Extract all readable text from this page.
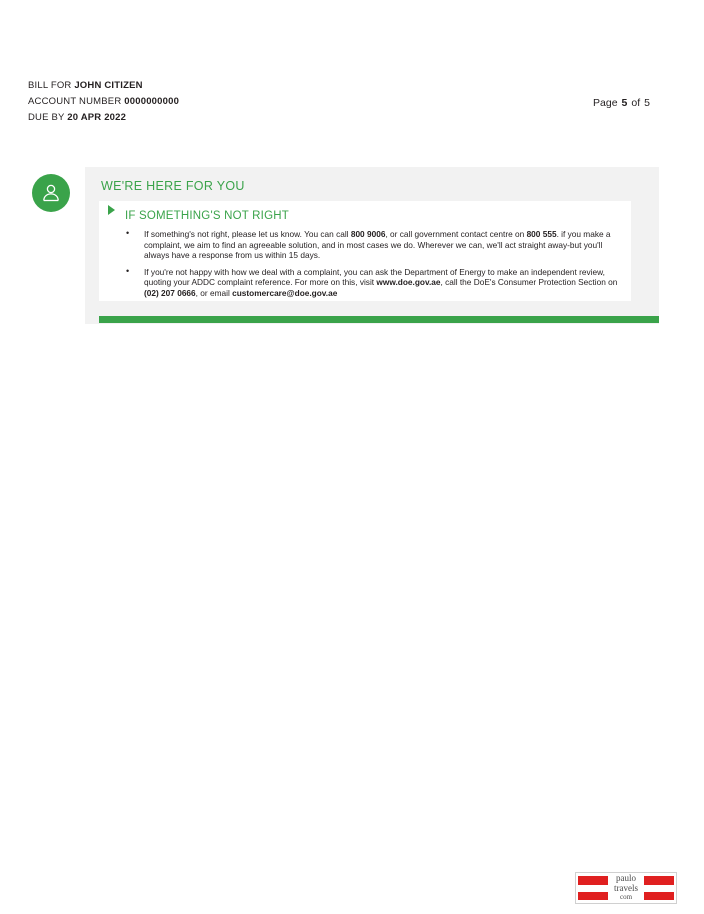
BILL FOR JOHN CITIZEN
ACCOUNT NUMBER 0000000000
DUE BY 20 APR 2022
Page 5 of 5
WE'RE HERE FOR YOU
IF SOMETHING'S NOT RIGHT
• If something's not right, please let us know. You can call 800 9006, or call government contact centre on 800 555. if you make a complaint, we aim to find an agreeable solution, and in most cases we do. Wherever we can, we'll act straight away-but you'll always have a response from us within 15 days.
• If you're not happy with how we deal with a complaint, you can ask the Department of Energy to make an independent review, quoting your ADDC complaint reference. For more on this, visit www.doe.gov.ae, call the DoE's Consumer Protection Section on (02) 207 0666, or email customercare@doe.gov.ae
paulo
travels
com
